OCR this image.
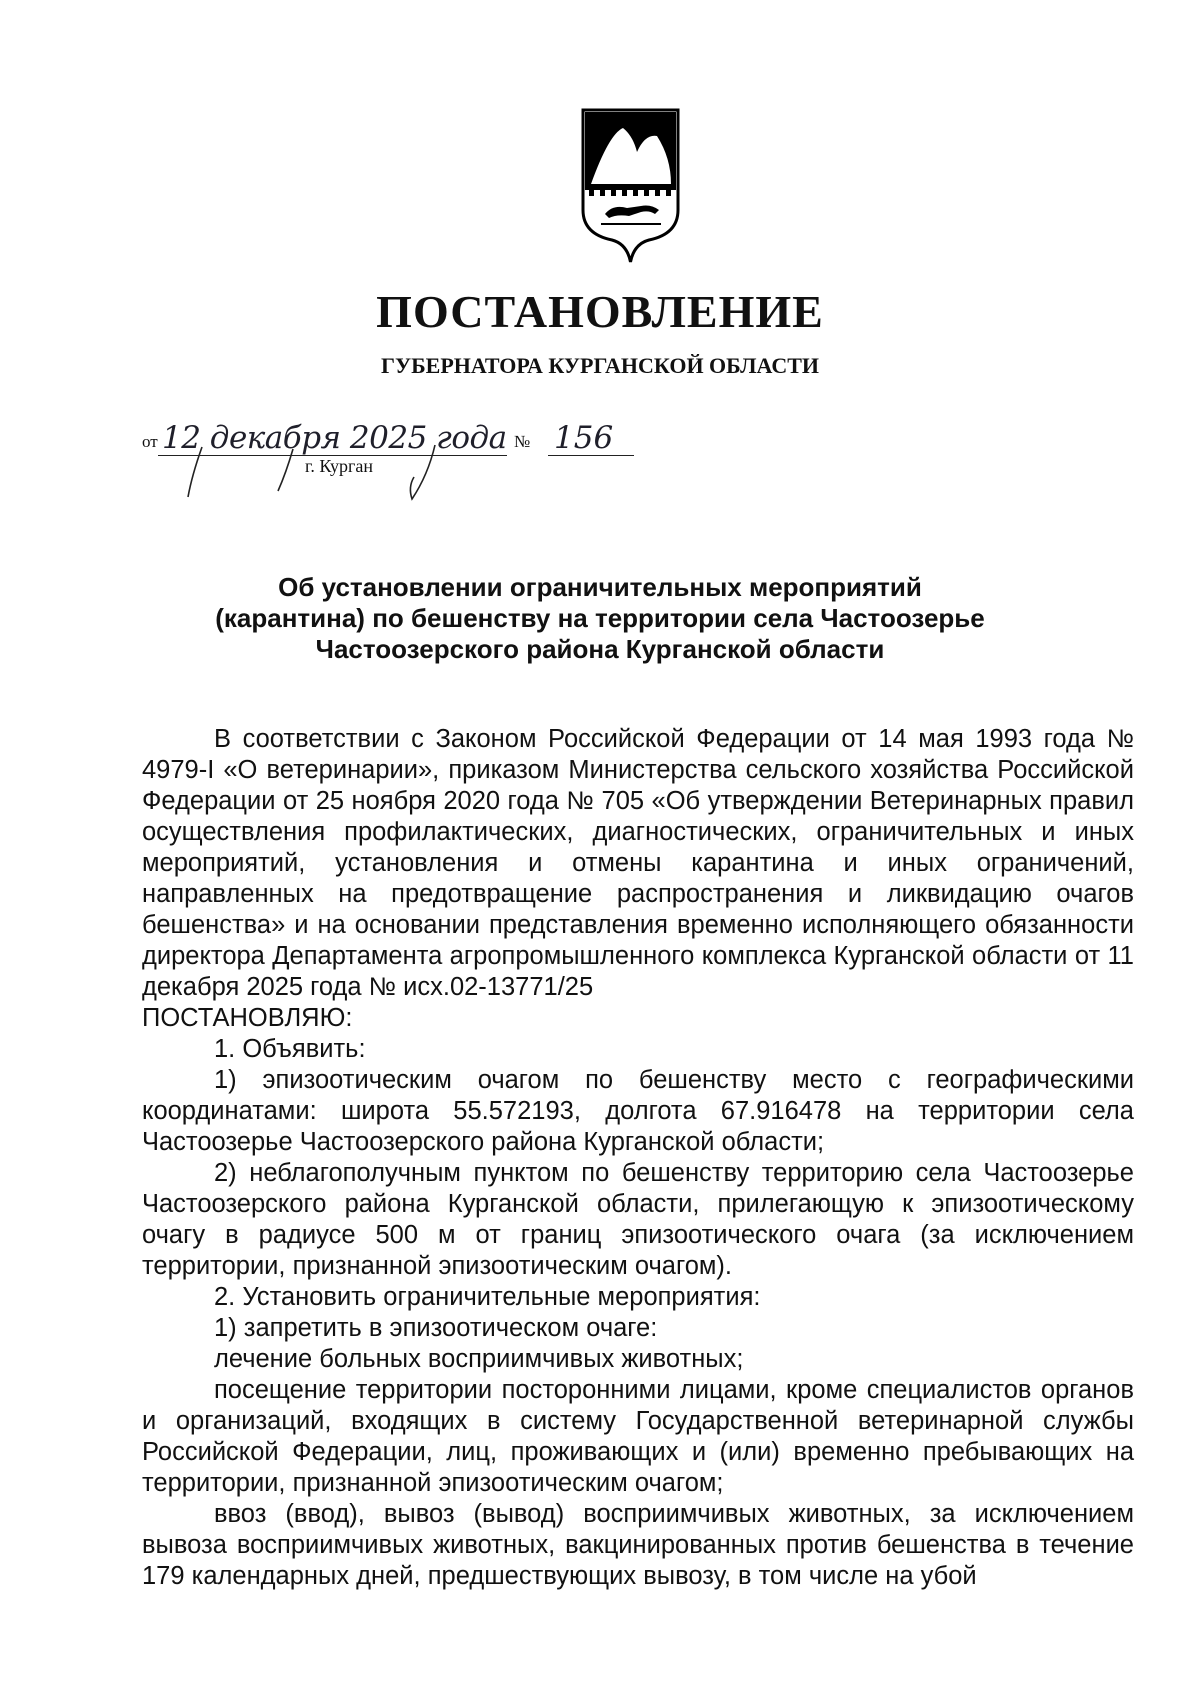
ПОСТАНОВЛЕНИЕ
ГУБЕРНАТОРА КУРГАНСКОЙ ОБЛАСТИ
от 12 декабря 2025 года № 156
г. Курган
Об установлении ограничительных мероприятий
(карантина) по бешенству на территории села Частоозерье
Частоозерского района Курганской области

В соответствии с Законом Российской Федерации от 14 мая 1993 года № 4979-I «О ветеринарии», приказом Министерства сельского хозяйства Российской Федерации от 25 ноября 2020 года № 705 «Об утверждении Ветеринарных правил осуществления профилактических, диагностических, ограничительных и иных мероприятий, установления и отмены карантина и иных ограничений, направленных на предотвращение распространения и ликвидацию очагов бешенства» и на основании представления временно исполняющего обязанности директора Департамента агропромышленного комплекса Курганской области от 11 декабря 2025 года № исх.02-13771/25

ПОСТАНОВЛЯЮ:

1. Объявить:

1) эпизоотическим очагом по бешенству место с географическими координатами: широта 55.572193, долгота 67.916478 на территории села Частоозерье Частоозерского района Курганской области;

2) неблагополучным пунктом по бешенству территорию села Частоозерье Частоозерского района Курганской области, прилегающую к эпизоотическому очагу в радиусе 500 м от границ эпизоотического очага (за исключением территории, признанной эпизоотическим очагом).

2. Установить ограничительные мероприятия:

1) запретить в эпизоотическом очаге:

лечение больных восприимчивых животных;

посещение территории посторонними лицами, кроме специалистов органов и организаций, входящих в систему Государственной ветеринарной службы Российской Федерации, лиц, проживающих и (или) временно пребывающих на территории, признанной эпизоотическим очагом;

ввоз (ввод), вывоз (вывод) восприимчивых животных, за исключением вывоза восприимчивых животных, вакцинированных против бешенства в течение 179 календарных дней, предшествующих вывозу, в том числе на убой
